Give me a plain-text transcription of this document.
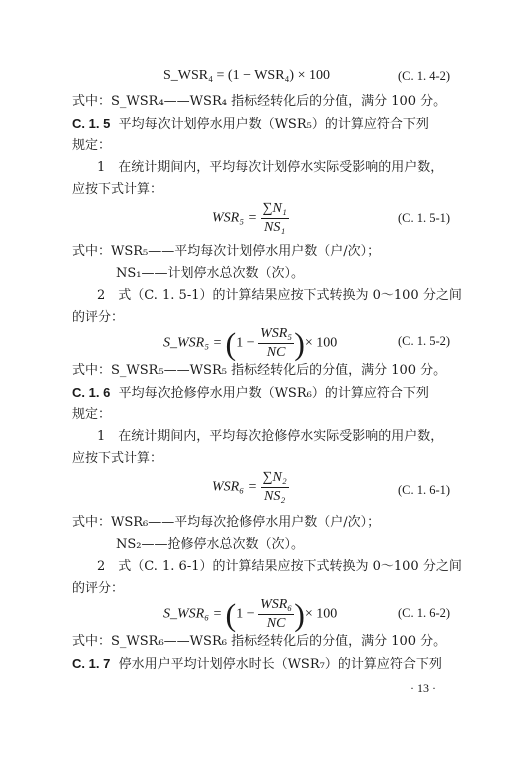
S_WSR₄ = (1 − WSR₄) × 100	(C. 1. 4-2)
式中：S_WSR₄——WSR₄ 指标经转化后的分值，满分 100 分。
C. 1. 5 平均每次计划停水用户数（WSR₅）的计算应符合下列
规定：
1　在统计期间内，平均每次计划停水实际受影响的用户数，
应按下式计算：
$WSR_5 = \frac{\text{∑N₁}}{\text{NS₁}}$	(C. 1. 5-1)
式中：WSR₅——平均每次计划停水用户数（户/次）；
NS₁——计划停水总次数（次）。
2　式（C. 1. 5-1）的计算结果应按下式转换为 0～100 分之间
的评分：
S_WSR₅ = ($1 - \frac{\text{WSR₅}}{NC}$ )× 100	(C. 1. 5-2)
式中：S_WSR₅——WSR₅ 指标经转化后的分值，满分 100 分。
C. 1. 6 平均每次抢修停水用户数（WSR₆）的计算应符合下列
规定：
1　在统计期间内，平均每次抢修停水实际受影响的用户数，
应按下式计算：
$WSR_6 = \frac{\text{∑N₂}}{\text{NS₂}}$	(C. 1. 6-1)
式中：WSR₆——平均每次抢修停水用户数（户/次）；
NS₂——抢修停水总次数（次）。
2　式（C. 1. 6-1）的计算结果应按下式转换为 0～100 分之间
的评分：
S_WSR₆ = ($1 - \frac{\text{WSR₆}}{NC}$ )× 100	(C. 1. 6-2)
式中：S_WSR₆——WSR₆ 指标经转化后的分值，满分 100 分。
C. 1. 7 停水用户平均计划停水时长（WSR₇）的计算应符合下列
· 13 ·
